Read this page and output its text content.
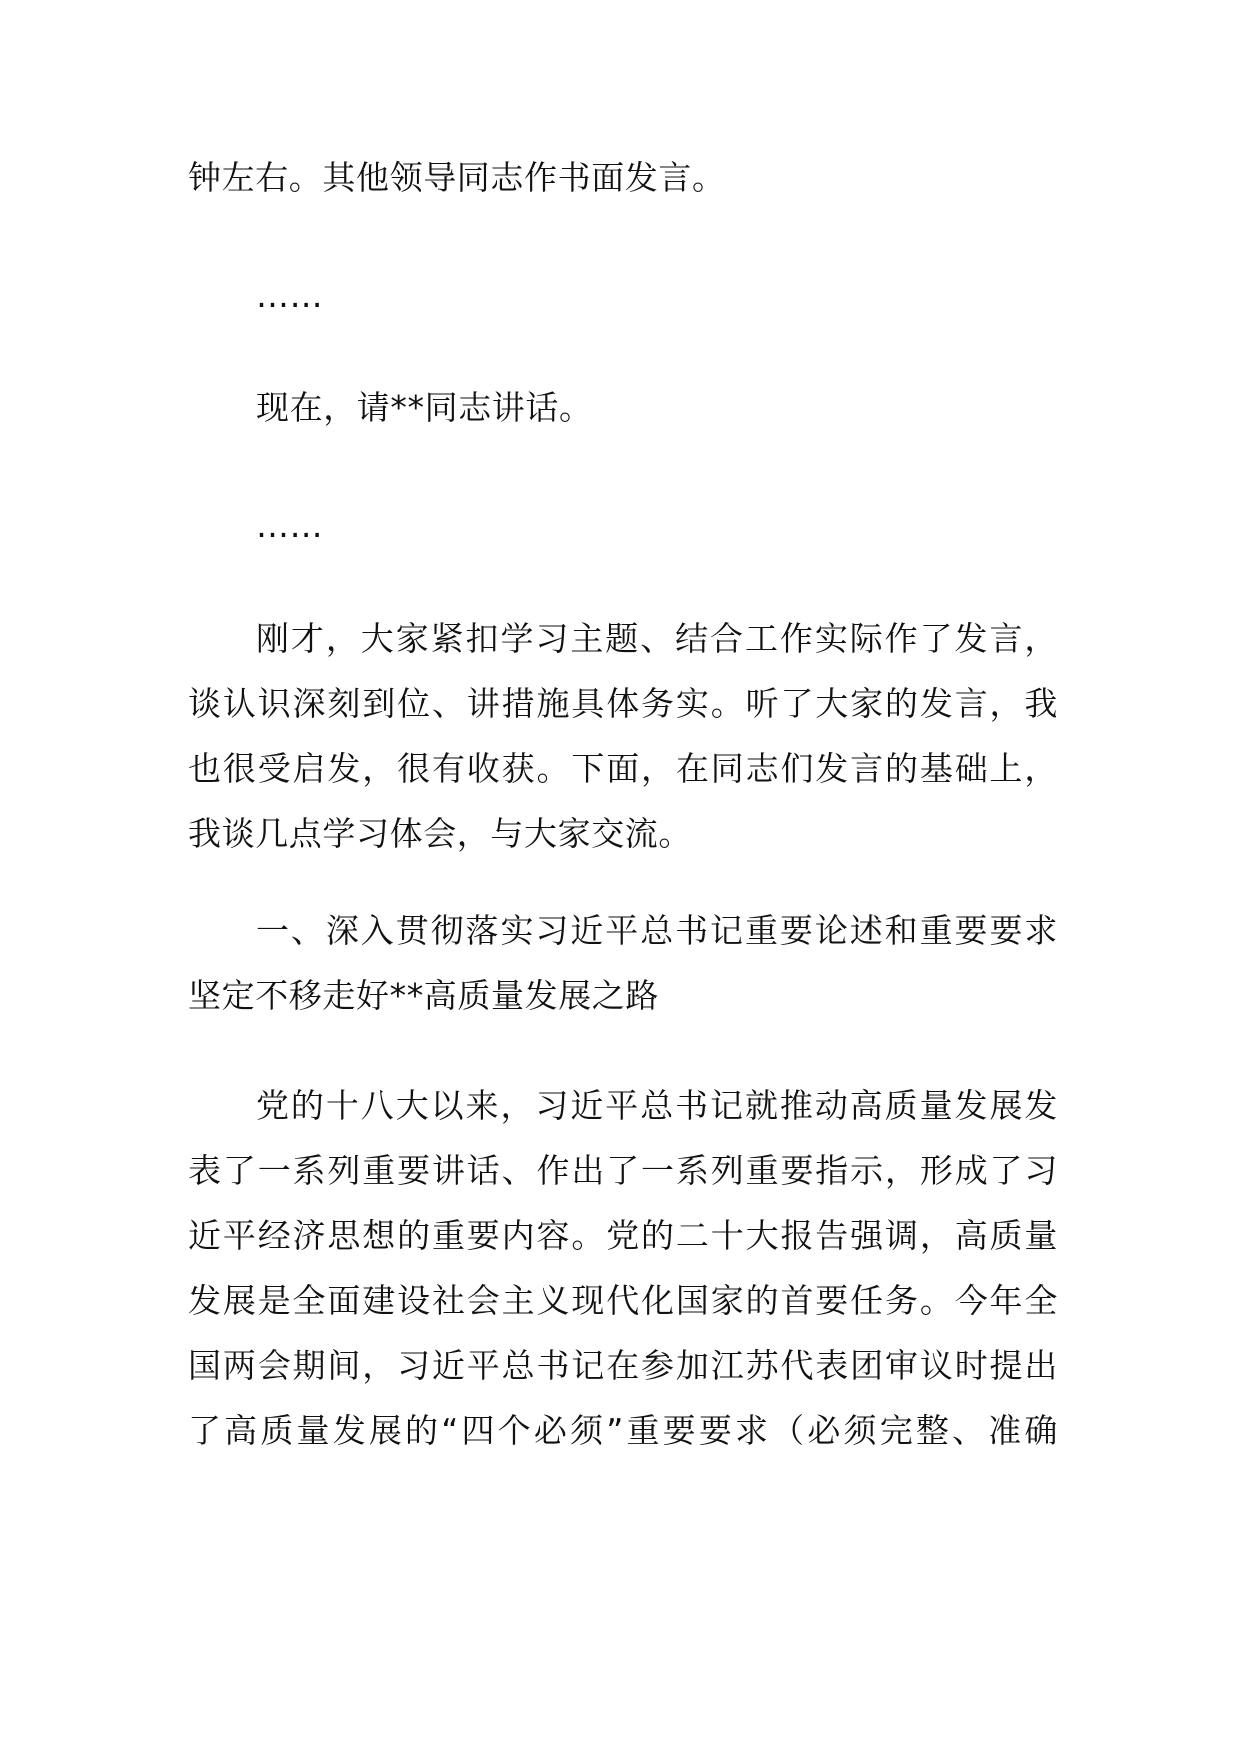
钟左右。其他领导同志作书面发言。

……

现在，请**同志讲话。

……

刚才，大家紧扣学习主题、结合工作实际作了发言，
谈认识深刻到位、讲措施具体务实。听了大家的发言，我
也很受启发，很有收获。下面，在同志们发言的基础上，
我谈几点学习体会，与大家交流。

一、深入贯彻落实习近平总书记重要论述和重要要求
坚定不移走好**高质量发展之路

党的十八大以来，习近平总书记就推动高质量发展发
表了一系列重要讲话、作出了一系列重要指示，形成了习
近平经济思想的重要内容。党的二十大报告强调，高质量
发展是全面建设社会主义现代化国家的首要任务。今年全
国两会期间，习近平总书记在参加江苏代表团审议时提出
了高质量发展的“四个必须”重要要求（必须完整、准确
